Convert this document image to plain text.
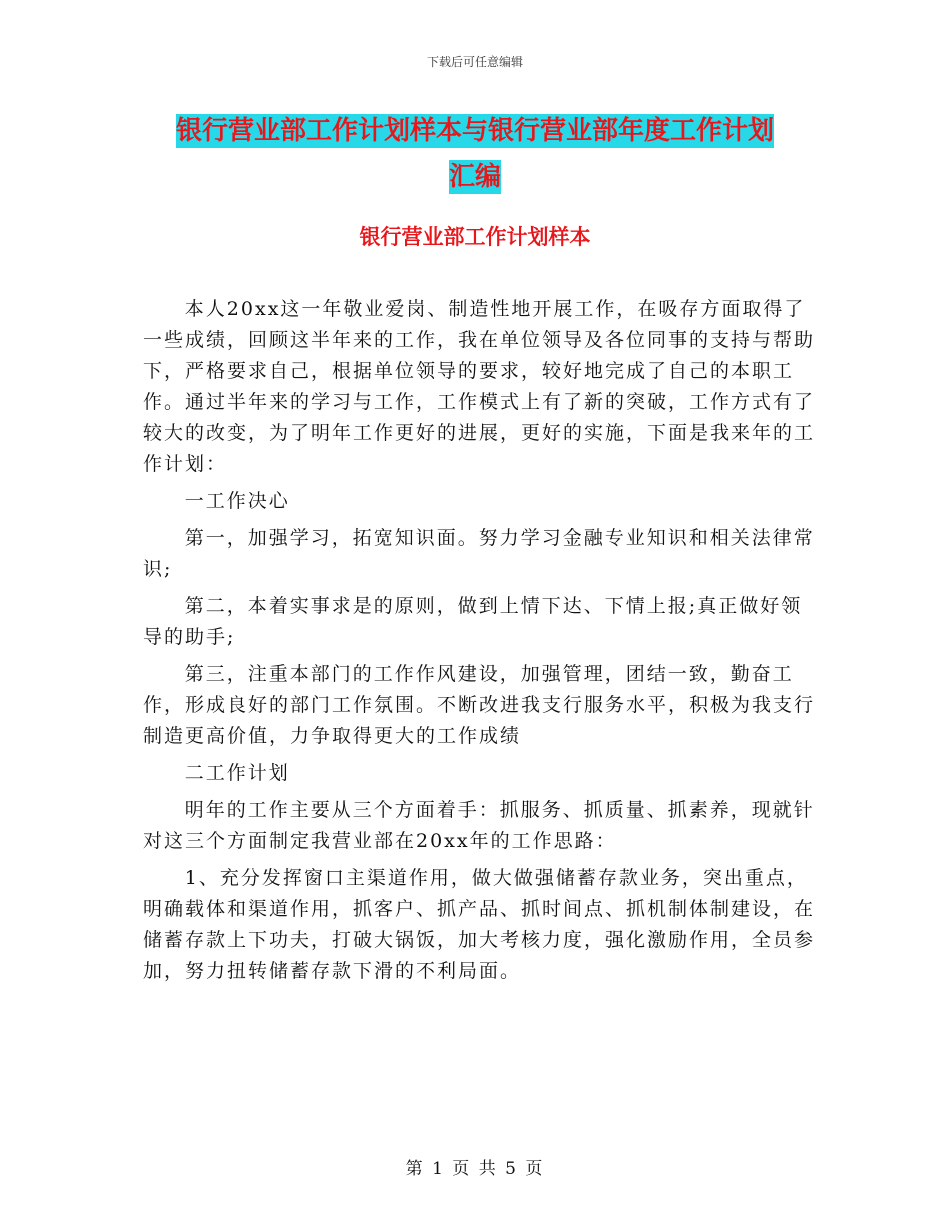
下载后可任意编辑
银行营业部工作计划样本与银行营业部年度工作计划
汇编
银行营业部工作计划样本

本人20xx这一年敬业爱岗、制造性地开展工作，在吸存方面取得了一些成绩，回顾这半年来的工作，我在单位领导及各位同事的支持与帮助下，严格要求自己，根据单位领导的要求，较好地完成了自己的本职工作。通过半年来的学习与工作，工作模式上有了新的突破，工作方式有了较大的改变，为了明年工作更好的进展，更好的实施，下面是我来年的工作计划：

一工作决心

第一，加强学习，拓宽知识面。努力学习金融专业知识和相关法律常识;

第二，本着实事求是的原则，做到上情下达、下情上报;真正做好领导的助手;

第三，注重本部门的工作作风建设，加强管理，团结一致，勤奋工作，形成良好的部门工作氛围。不断改进我支行服务水平，积极为我支行制造更高价值，力争取得更大的工作成绩

二工作计划

明年的工作主要从三个方面着手：抓服务、抓质量、抓素养，现就针对这三个方面制定我营业部在20xx年的工作思路：

1、充分发挥窗口主渠道作用，做大做强储蓄存款业务，突出重点，明确载体和渠道作用，抓客户、抓产品、抓时间点、抓机制体制建设，在储蓄存款上下功夫，打破大锅饭，加大考核力度，强化激励作用，全员参加，努力扭转储蓄存款下滑的不利局面。

第 1 页 共 5 页
